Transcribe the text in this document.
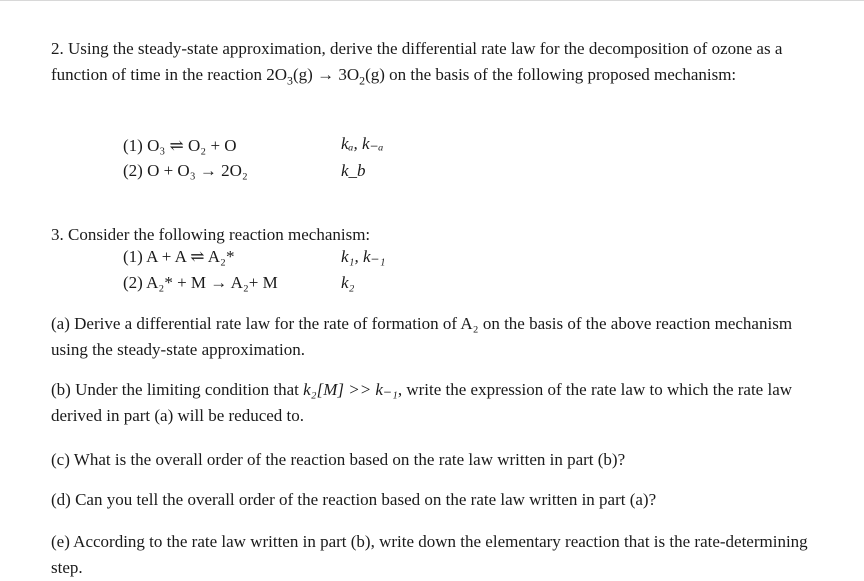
2. Using the steady-state approximation, derive the differential rate law for the decomposition of ozone as a function of time in the reaction $2O_3(g) \to 3O_2(g)$ on the basis of the following proposed mechanism:

(1) O₃ ⇌ O₂ + O	kₐ, k₋ₐ
(2) O + O₃ → 2O₂	k_b

3. Consider the following reaction mechanism:

(1) A + A ⇌ A₂*	k₁, k₋₁
(2) A₂* + M → A₂+ M	k₂

(a) Derive a differential rate law for the rate of formation of A₂ on the basis of the above reaction mechanism using the steady-state approximation.

(b) Under the limiting condition that k₂[M] >> k₋₁, write the expression of the rate law to which the rate law derived in part (a) will be reduced to.

(c) What is the overall order of the reaction based on the rate law written in part (b)?

(d) Can you tell the overall order of the reaction based on the rate law written in part (a)?

(e) According to the rate law written in part (b), write down the elementary reaction that is the rate-determining step.
